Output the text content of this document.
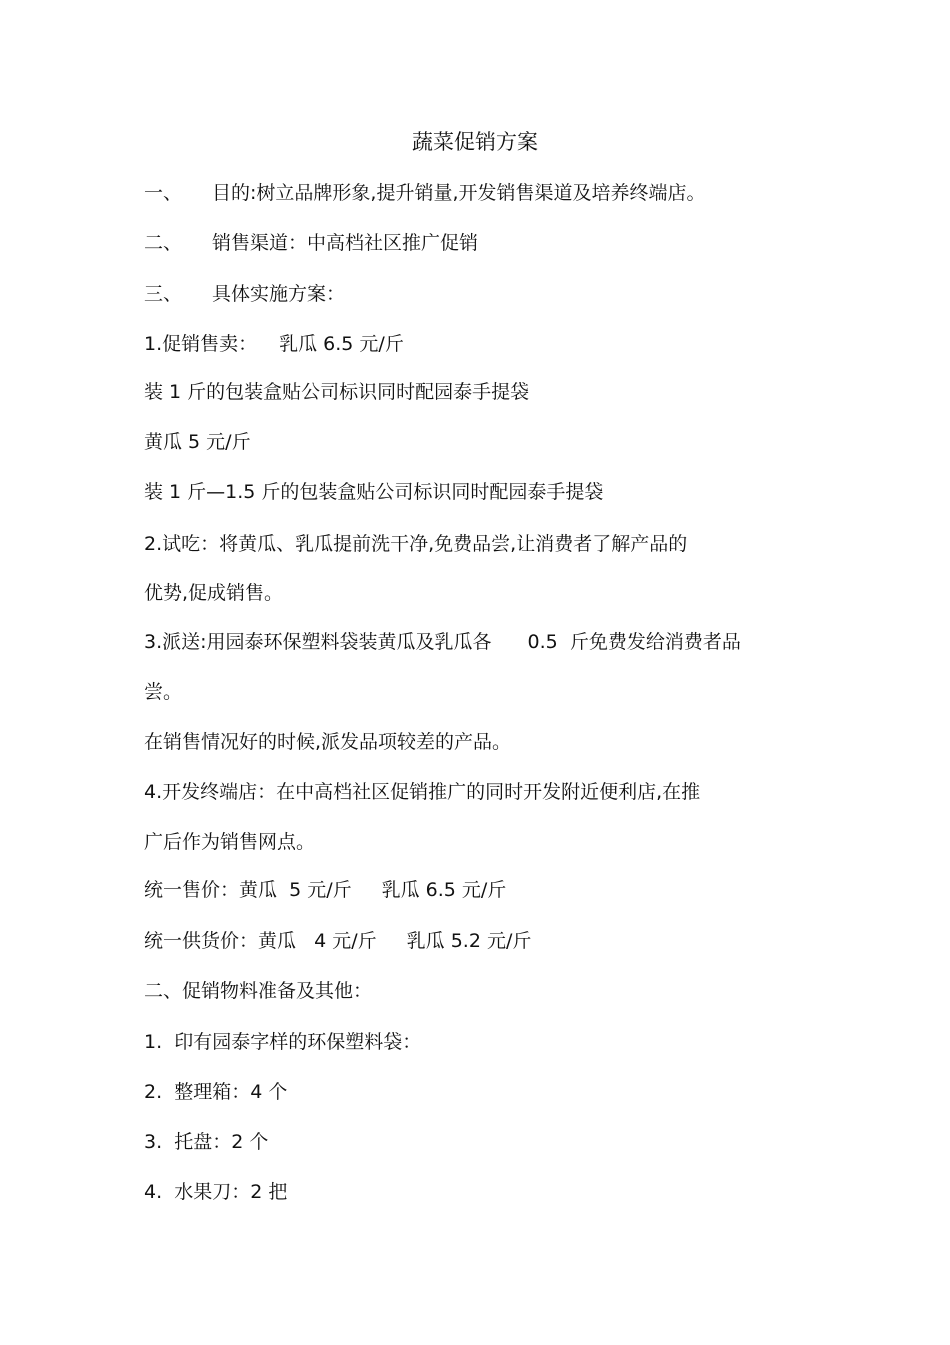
蔬菜促销方案
一、 目的:树立品牌形象,提升销量,开发销售渠道及培养终端店。
二、 销售渠道：中高档社区推广促销
三、 具体实施方案：
1.促销售卖： 乳瓜 6.5 元/斤
装 1 斤的包装盒贴公司标识同时配园泰手提袋
黄瓜 5 元/斤
装 1 斤—1.5 斤的包装盒贴公司标识同时配园泰手提袋
2.试吃：将黄瓜、乳瓜提前洗干净,免费品尝,让消费者了解产品的
优势,促成销售。
3.派送:用园泰环保塑料袋装黄瓜及乳瓜各 0.5  斤免费发给消费者品
尝。
在销售情况好的时候,派发品项较差的产品。
4.开发终端店：在中高档社区促销推广的同时开发附近便利店,在推
广后作为销售网点。
统一售价：黄瓜  5 元/斤 乳瓜 6.5 元/斤
统一供货价：黄瓜   4 元/斤 乳瓜 5.2 元/斤
二、促销物料准备及其他：
1.  印有园泰字样的环保塑料袋：
2.  整理箱：4 个
3.  托盘：2 个
4.  水果刀：2 把
